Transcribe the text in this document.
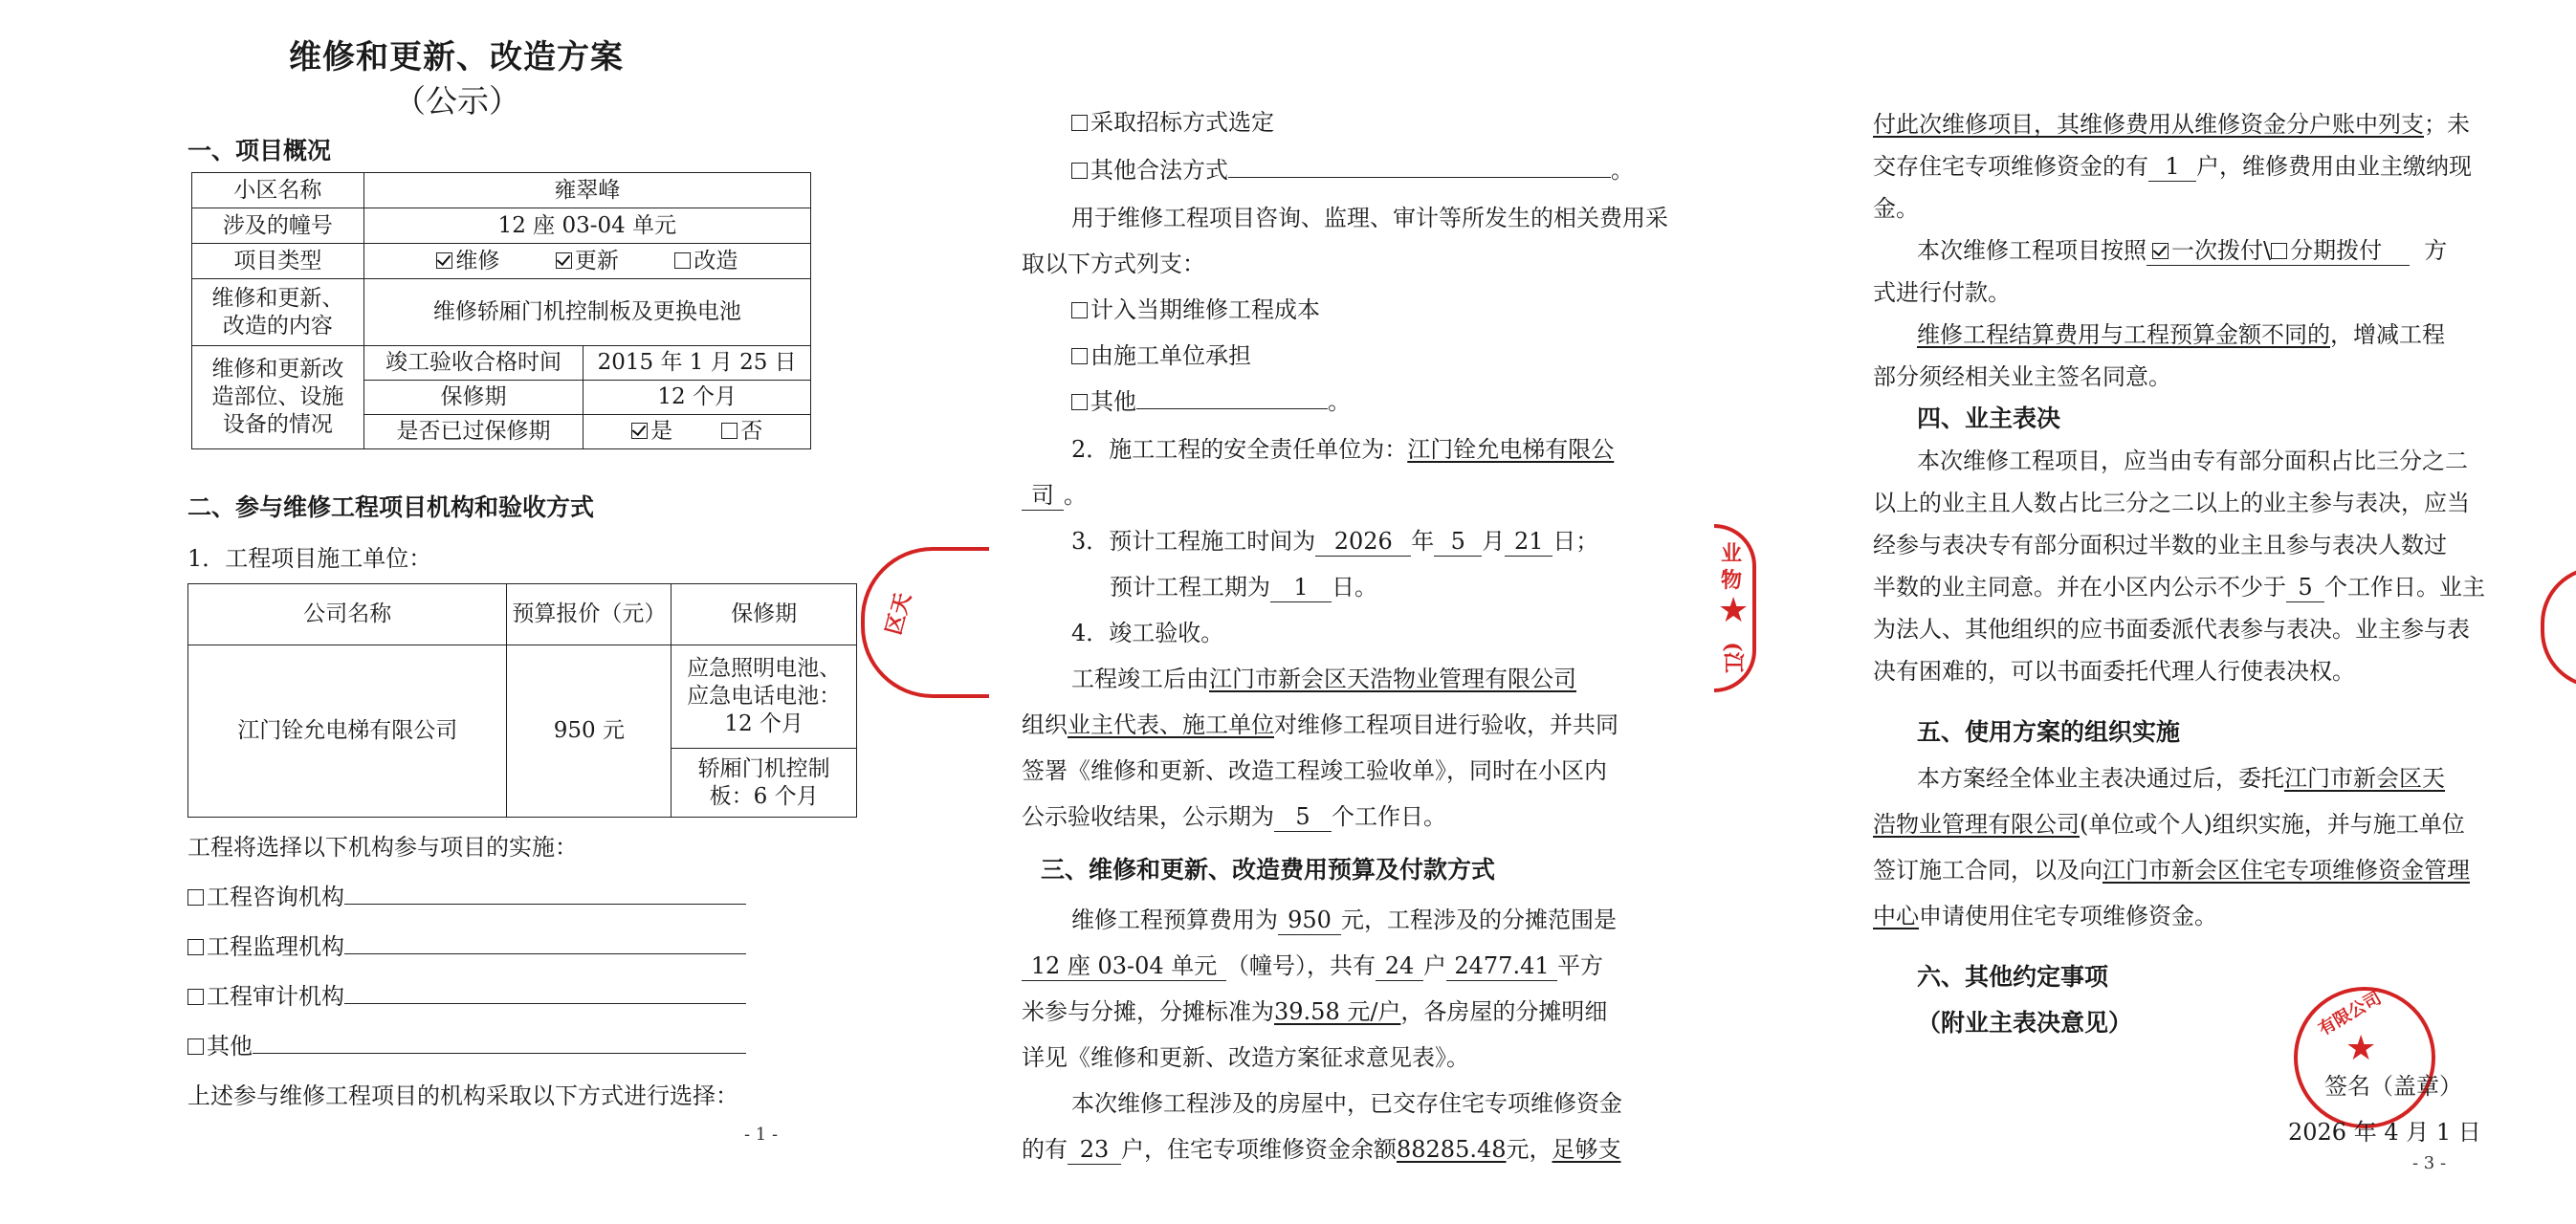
维修和更新、改造方案
（公示）
一、项目概况
小区名称	雍翠峰	
涉及的幢号	12 座 03-04 单元	
项目类型	维修 更新 改造	

维修和更新、
改造的内容	维修轿厢门机控制板及更换电池	

维修和更新改
造部位、设施
设备的情况	竣工验收合格时间	2015 年 1 月 25 日
	保修期	12 个月
	是否已过保修期	是 否
二、参与维修工程项目机构和验收方式
1．工程项目施工单位：
公司名称	预算报价（元）	保修期
江门铨允电梯有限公司	950 元	应急照明电池、
应急电话电池：
12 个月

		轿厢门机控制
板：6 个月
工程将选择以下机构参与项目的实施：
工程咨询机构
工程监理机构
工程审计机构
其他
上述参与维修工程项目的机构采取以下方式进行选择：
- 1 -
区天
采取招标方式选定
其他合法方式	。
用于维修工程项目咨询、监理、审计等所发生的相关费用采
取以下方式列支：
计入当期维修工程成本
由施工单位承担
其他	。
2．施工工程的安全责任单位为：江门铨允电梯有限公
司 。
3．预计工程施工时间为 2026 年 5 月 21 日；
预计工程工期为 1 日。
4．竣工验收。
工程竣工后由江门市新会区天浩物业管理有限公司
组织业主代表、施工单位对维修工程项目进行验收，并共同
签署《维修和更新、改造工程竣工验收单》，同时在小区内
公示验收结果，公示期为 5 个工作日。
三、维修和更新、改造费用预算及付款方式
维修工程预算费用为 950 元，工程涉及的分摊范围是
12 座 03-04 单元 （幢号），共有 24 户 2477.41 平方
米参与分摊，分摊标准为39.58 元/户，各房屋的分摊明细
详见《维修和更新、改造方案征求意见表》。
本次维修工程涉及的房屋中，已交存住宅专项维修资金
的有 23 户，住宅专项维修资金余额88285.48元，足够支
业
物
★
(江
付此次维修项目，其维修费用从维修资金分户账中列支；未
交存住宅专项维修资金的有 1 户，维修费用由业主缴纳现
金。
本次维修工程项目按照 一次拨付\ 分期拨付 方
式进行付款。
维修工程结算费用与工程预算金额不同的，增减工程
部分须经相关业主签名同意。
四、业主表决
本次维修工程项目，应当由专有部分面积占比三分之二
以上的业主且人数占比三分之二以上的业主参与表决，应当
经参与表决专有部分面积过半数的业主且参与表决人数过
半数的业主同意。并在小区内公示不少于 5 个工作日。业主
为法人、其他组织的应书面委派代表参与表决。业主参与表
决有困难的，可以书面委托代理人行使表决权。
五、使用方案的组织实施
本方案经全体业主表决通过后，委托江门市新会区天
浩物业管理有限公司(单位或个人)组织实施，并与施工单位
签订施工合同，以及向江门市新会区住宅专项维修资金管理
中心申请使用住宅专项维修资金。
六、其他约定事项
（附业主表决意见）
★
有限公司
签名（盖章）
2026 年 4 月 1 日
- 3 -
